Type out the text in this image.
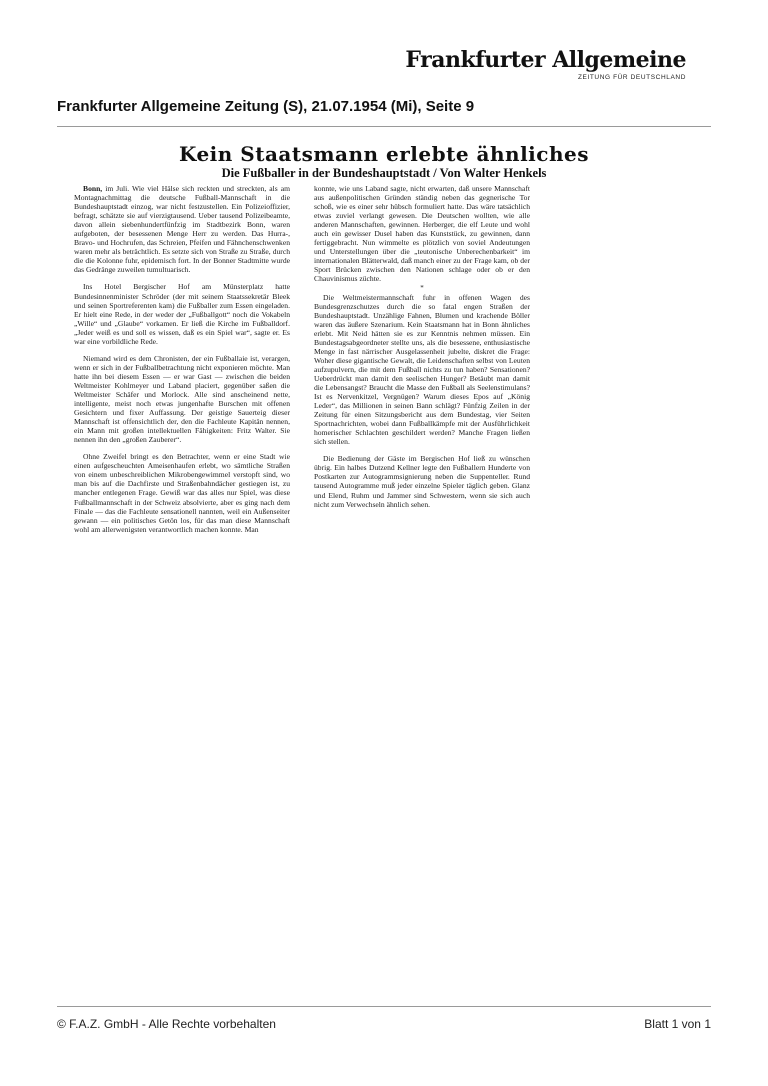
Frankfurter Allgemeine
ZEITUNG FÜR DEUTSCHLAND
Frankfurter Allgemeine Zeitung (S), 21.07.1954 (Mi), Seite 9
Kein Staatsmann erlebte ähnliches
Die Fußballer in der Bundeshauptstadt / Von Walter Henkels

Bonn, im Juli. Wie viel Hälse sich reckten und streckten, als am Montagnachmittag die deutsche Fußball-Mannschaft in die Bundeshauptstadt einzog, war nicht festzustellen. Ein Polizeioffizier, befragt, schätzte sie auf vierzigtausend. Ueber tausend Polizeibeamte, davon allein siebenhundertfünfzig im Stadtbezirk Bonn, waren aufgeboten, der besessenen Menge Herr zu werden. Das Hurra-, Bravo- und Hochrufen, das Schreien, Pfeifen und Fähnchenschwenken waren mehr als beträchtlich. Es setzte sich von Straße zu Straße, durch die die Kolonne fuhr, epidemisch fort. In der Bonner Stadtmitte wurde das Gedränge zuweilen tumultuarisch.

Ins Hotel Bergischer Hof am Münsterplatz hatte Bundesinnenminister Schröder (der mit seinem Staatssekretär Bleek und seinen Sportreferenten kam) die Fußballer zum Essen eingeladen. Er hielt eine Rede, in der weder der „Fußballgott“ noch die Vokabeln „Wille“ und „Glaube“ vorkamen. Er ließ die Kirche im Fußballdorf. „Jeder weiß es und soll es wissen, daß es ein Spiel war“, sagte er. Es war eine vorbildliche Rede.

Niemand wird es dem Chronisten, der ein Fußballaie ist, verargen, wenn er sich in der Fußballbetrachtung nicht exponieren möchte. Man hatte ihn bei diesem Essen — er war Gast — zwischen die beiden Weltmeister Kohlmeyer und Laband placiert, gegenüber saßen die Weltmeister Schäfer und Morlock. Alle sind anscheinend nette, intelligente, meist noch etwas jungenhafte Burschen mit offenen Gesichtern und fixer Auffassung. Der geistige Sauerteig dieser Mannschaft ist offensichtlich der, den die Fachleute Kapitän nennen, ein Mann mit großen intellektuellen Fähigkeiten: Fritz Walter. Sie nennen ihn den „großen Zauberer“.

Ohne Zweifel bringt es den Betrachter, wenn er eine Stadt wie einen aufgescheuchten Ameisenhaufen erlebt, wo sämtliche Straßen von einem unbeschreiblichen Mikrobengewimmel verstopft sind, wo man bis auf die Dachfirste und Straßenbahndächer gestiegen ist, zu mancher entlegenen Frage. Gewiß war das alles nur Spiel, was diese Fußballmannschaft in der Schweiz absolvierte, aber es ging nach dem Finale — das die Fachleute sensationell nannten, weil ein Außenseiter gewann — ein politisches Getön los, für das man diese Mannschaft wohl am allerwenigsten verantwortlich machen konnte. Man

konnte, wie uns Laband sagte, nicht erwarten, daß unsere Mannschaft aus außenpolitischen Gründen ständig neben das gegnerische Tor schoß, wie es einer sehr hübsch formuliert hatte. Das wäre tatsächlich etwas zuviel verlangt gewesen. Die Deutschen wollten, wie alle anderen Mannschaften, gewinnen. Herberger, die elf Leute und wohl auch ein gewisser Dusel haben das Kunststück, zu gewinnen, dann fertiggebracht. Nun wimmelte es plötzlich von soviel Andeutungen und Unterstellungen über die „teutonische Unberechenbarkeit“ im internationalen Blätterwald, daß manch einer zu der Frage kam, ob der Sport Brücken zwischen den Nationen schlage oder ob er den Chauvinismus züchte.

*

Die Weltmeistermannschaft fuhr in offenen Wagen des Bundesgrenzschutzes durch die so fatal engen Straßen der Bundeshauptstadt. Unzählige Fahnen, Blumen und krachende Böller waren das äußere Szenarium. Kein Staatsmann hat in Bonn ähnliches erlebt. Mit Neid hätten sie es zur Kenntnis nehmen müssen. Ein Bundestagsabgeordneter stellte uns, als die besessene, enthusiastische Menge in fast närrischer Ausgelassenheit jubelte, diskret die Frage: Woher diese gigantische Gewalt, die Leidenschaften selbst von Leuten aufzupulvern, die mit dem Fußball nichts zu tun haben? Sensationen? Ueberdrückt man damit den seelischen Hunger? Betäubt man damit die Lebensangst? Braucht die Masse den Fußball als Seelenstimulans? Ist es Nervenkitzel, Vergnügen? Warum dieses Epos auf „König Leder“, das Millionen in seinen Bann schlägt? Fünfzig Zeilen in der Zeitung für einen Sitzungsbericht aus dem Bundestag, vier Seiten Sportnachrichten, wobei dann Fußballkämpfe mit der Ausführlichkeit homerischer Schlachten geschildert werden? Manche Fragen ließen sich stellen.

Die Bedienung der Gäste im Bergischen Hof ließ zu wünschen übrig. Ein halbes Dutzend Kellner legte den Fußballern Hunderte von Postkarten zur Autogrammsignierung neben die Suppenteller. Rund tausend Autogramme muß jeder einzelne Spieler täglich geben. Glanz und Elend, Ruhm und Jammer sind Schwestern, wenn sie sich auch nicht zum Verwechseln ähnlich sehen.

© F.A.Z. GmbH - Alle Rechte vorbehalten	Blatt 1 von 1
